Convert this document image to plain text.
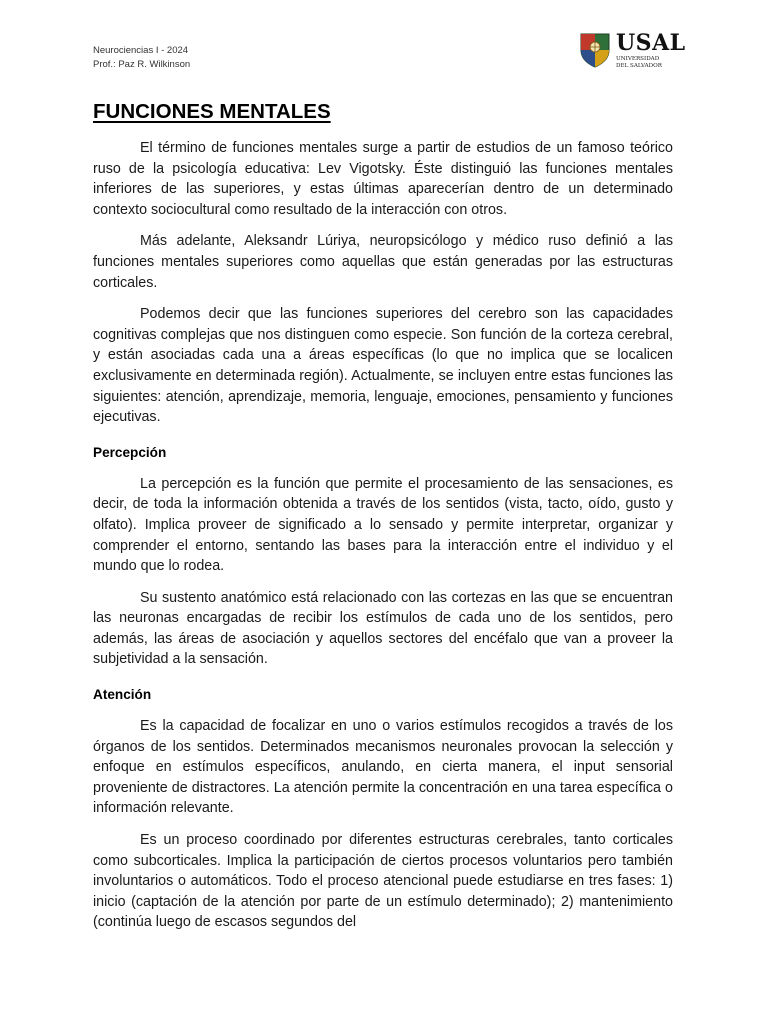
Neurociencias I - 2024
Prof.: Paz R. Wilkinson
USAL
UNIVERSIDAD
DEL SALVADOR
FUNCIONES MENTALES

El término de funciones mentales surge a partir de estudios de un famoso teórico ruso de la psicología educativa: Lev Vigotsky. Éste distinguió las funciones mentales inferiores de las superiores, y estas últimas aparecerían dentro de un determinado contexto sociocultural como resultado de la interacción con otros.

Más adelante, Aleksandr Lúriya, neuropsicólogo y médico ruso definió a las funciones mentales superiores como aquellas que están generadas por las estructuras corticales.

Podemos decir que las funciones superiores del cerebro son las capacidades cognitivas complejas que nos distinguen como especie. Son función de la corteza cerebral, y están asociadas cada una a áreas específicas (lo que no implica que se localicen exclusivamente en determinada región). Actualmente, se incluyen entre estas funciones las siguientes: atención, aprendizaje, memoria, lenguaje, emociones, pensamiento y funciones ejecutivas.

Percepción

La percepción es la función que permite el procesamiento de las sensaciones, es decir, de toda la información obtenida a través de los sentidos (vista, tacto, oído, gusto y olfato). Implica proveer de significado a lo sensado y permite interpretar, organizar y comprender el entorno, sentando las bases para la interacción entre el individuo y el mundo que lo rodea.

Su sustento anatómico está relacionado con las cortezas en las que se encuentran las neuronas encargadas de recibir los estímulos de cada uno de los sentidos, pero además, las áreas de asociación y aquellos sectores del encéfalo que van a proveer la subjetividad a la sensación.

Atención

Es la capacidad de focalizar en uno o varios estímulos recogidos a través de los órganos de los sentidos. Determinados mecanismos neuronales provocan la selección y enfoque en estímulos específicos, anulando, en cierta manera, el input sensorial proveniente de distractores. La atención permite la concentración en una tarea específica o información relevante.

Es un proceso coordinado por diferentes estructuras cerebrales, tanto corticales como subcorticales. Implica la participación de ciertos procesos voluntarios pero también involuntarios o automáticos. Todo el proceso atencional puede estudiarse en tres fases: 1) inicio (captación de la atención por parte de un estímulo determinado); 2) mantenimiento (continúa luego de escasos segundos del
